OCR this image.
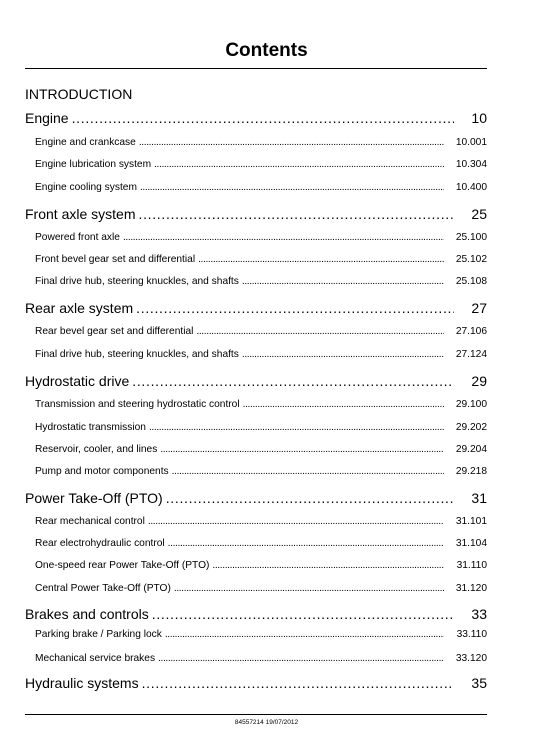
Contents
INTRODUCTION
Engine . . .	10
Engine and crankcase . . .	10.001
Engine lubrication system . . .	10.304
Engine cooling system . . .	10.400
Front axle system . . .	25
Powered front axle . . .	25.100
Front bevel gear set and differential . . .	25.102
Final drive hub, steering knuckles, and shafts . . .	25.108
Rear axle system . . .	27
Rear bevel gear set and differential . . .	27.106
Final drive hub, steering knuckles, and shafts . . .	27.124
Hydrostatic drive . . .	29
Transmission and steering hydrostatic control . . .	29.100
Hydrostatic transmission . . .	29.202
Reservoir, cooler, and lines . . .	29.204
Pump and motor components . . .	29.218
Power Take-Off (PTO) . . .	31
Rear mechanical control . . .	31.101
Rear electrohydraulic control . . .	31.104
One-speed rear Power Take-Off (PTO) . . .	31.110
Central Power Take-Off (PTO) . . .	31.120
Brakes and controls . . .	33
Parking brake / Parking lock . . .	33.110
Mechanical service brakes . . .	33.120
Hydraulic systems . . .	35
84557214 19/07/2012
